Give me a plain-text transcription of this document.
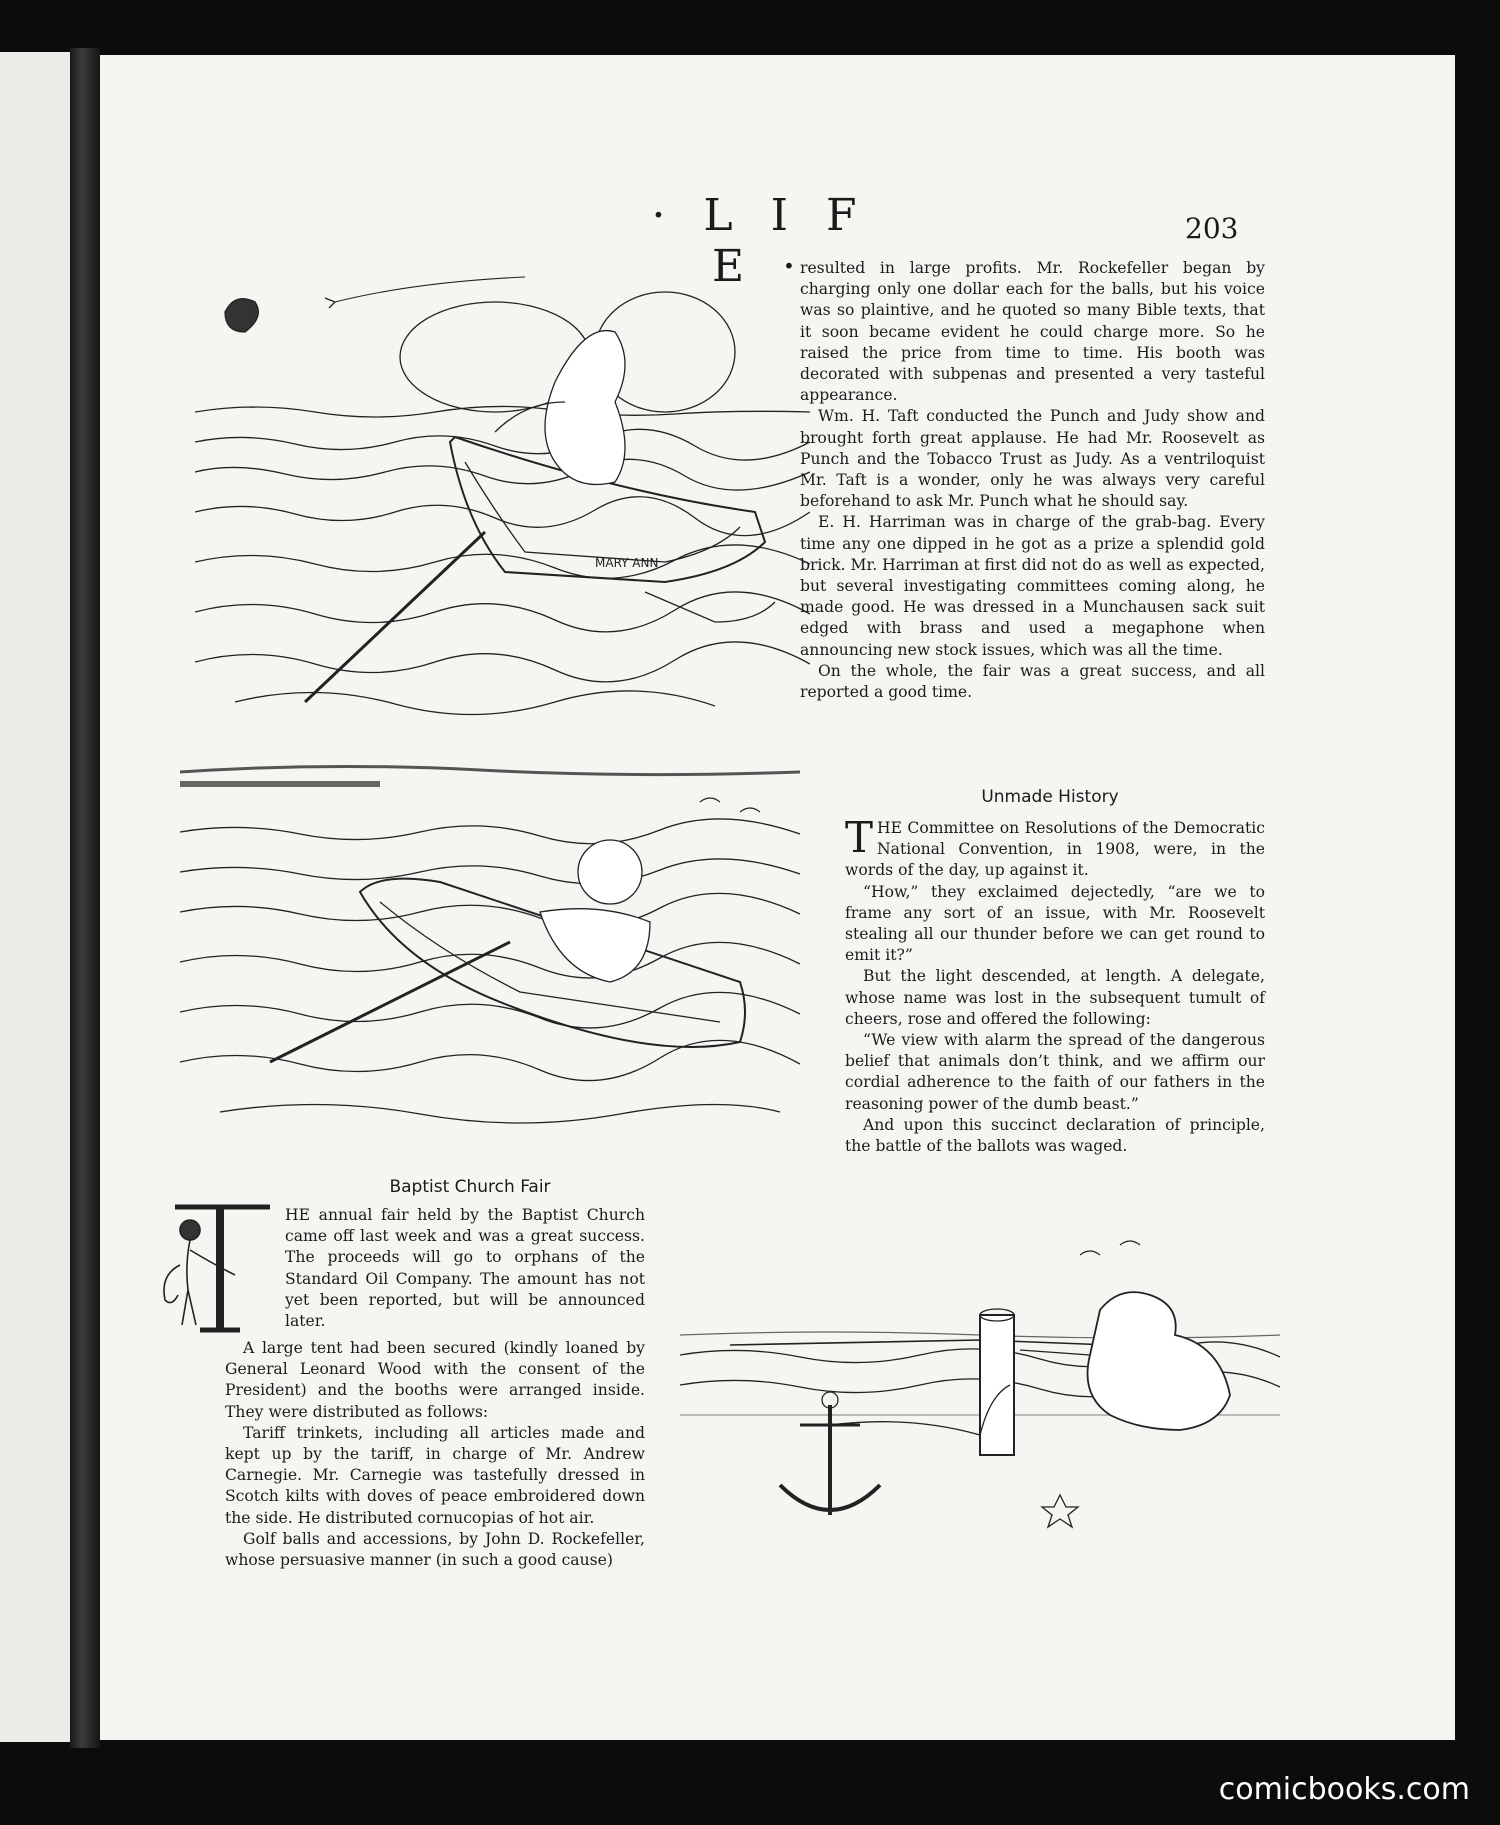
· L I F E ·
203
MARY ANN

resulted in large profits. Mr. Rockefeller began by charging only one dollar each for the balls, but his voice was so plaintive, and he quoted so many Bible texts, that it soon became evident he could charge more. So he raised the price from time to time. His booth was decorated with subpenas and presented a very tasteful appearance.

Wm. H. Taft conducted the Punch and Judy show and brought forth great applause. He had Mr. Roosevelt as Punch and the Tobacco Trust as Judy. As a ventriloquist Mr. Taft is a wonder, only he was always very careful beforehand to ask Mr. Punch what he should say.

E. H. Harriman was in charge of the grab-bag. Every time any one dipped in he got as a prize a splendid gold brick. Mr. Harriman at first did not do as well as expected, but several investigating committees coming along, he made good. He was dressed in a Munchausen sack suit edged with brass and used a megaphone when announcing new stock issues, which was all the time.

On the whole, the fair was a great success, and all reported a good time.

Unmade History

THE Committee on Resolutions of the Democratic National Convention, in 1908, were, in the words of the day, up against it.

“How,” they exclaimed dejectedly, “are we to frame any sort of an issue, with Mr. Roosevelt stealing all our thunder before we can get round to emit it?”

But the light descended, at length. A delegate, whose name was lost in the subsequent tumult of cheers, rose and offered the following:

“We view with alarm the spread of the dangerous belief that animals don’t think, and we affirm our cordial adherence to the faith of our fathers in the reasoning power of the dumb beast.”

And upon this succinct declaration of principle, the battle of the ballots was waged.

Baptist Church Fair
HE annual fair held by the Baptist Church came off last week and was a great success. The proceeds will go to orphans of the Standard Oil Company. The amount has not yet been reported, but will be announced later.

A large tent had been secured (kindly loaned by General Leonard Wood with the consent of the President) and the booths were arranged inside. They were distributed as follows:

Tariff trinkets, including all articles made and kept up by the tariff, in charge of Mr. Andrew Carnegie. Mr. Carnegie was tastefully dressed in Scotch kilts with doves of peace embroidered down the side. He distributed cornucopias of hot air.

Golf balls and accessions, by John D. Rockefeller, whose persuasive manner (in such a good cause)

comicbooks.com
